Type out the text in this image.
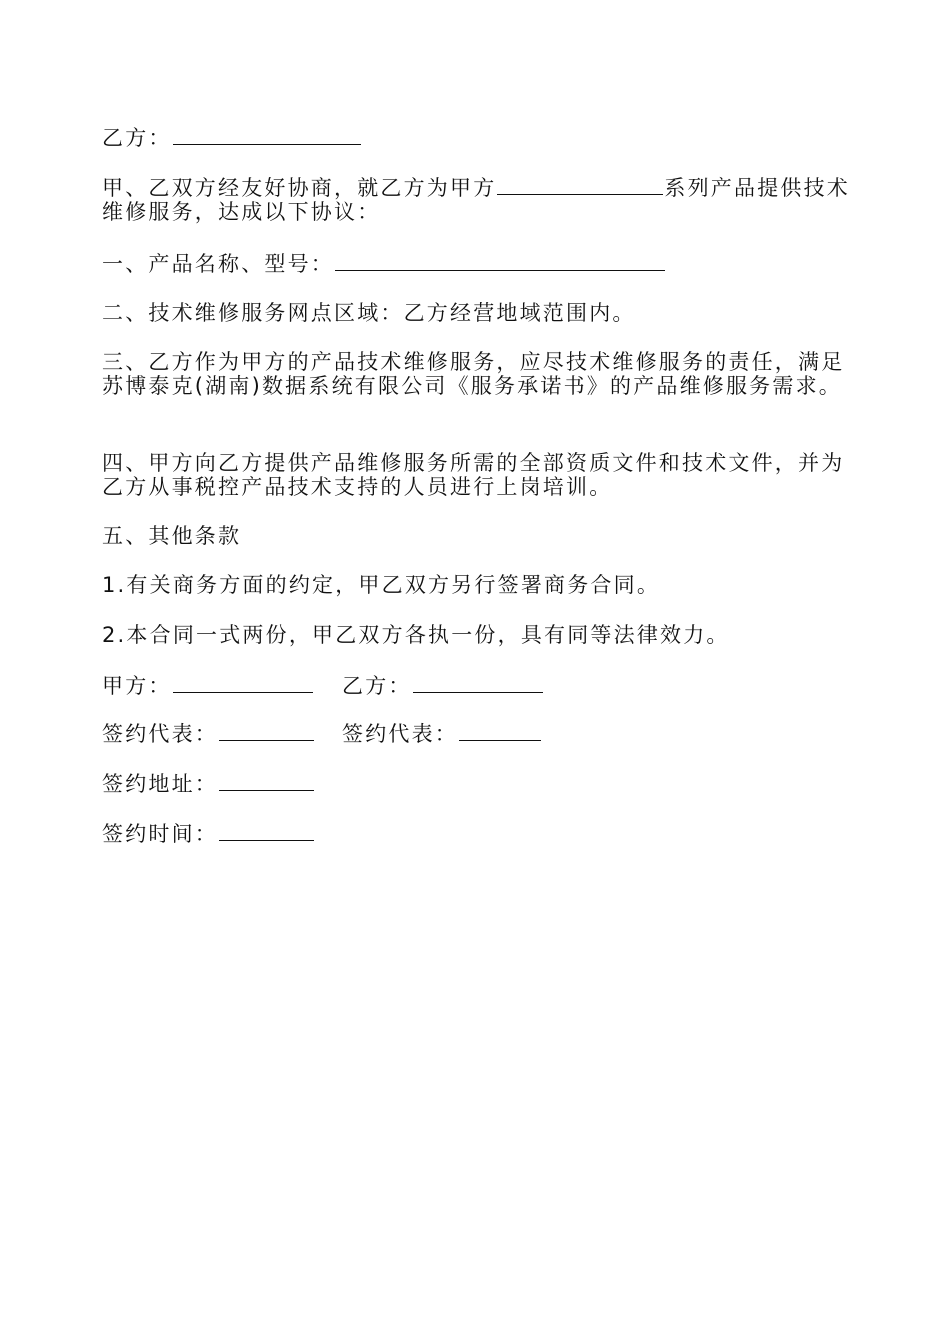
乙方：
甲、乙双方经友好协商，就乙方为甲方	系列产品提供技术维修服务，达成以下协议：
一、产品名称、型号：
二、技术维修服务网点区域：乙方经营地域范围内。
三、乙方作为甲方的产品技术维修服务，应尽技术维修服务的责任，满足苏博泰克(湖南)数据系统有限公司《服务承诺书》的产品维修服务需求。
四、甲方向乙方提供产品维修服务所需的全部资质文件和技术文件，并为乙方从事税控产品技术支持的人员进行上岗培训。
五、其他条款
1.有关商务方面的约定，甲乙双方另行签署商务合同。
2.本合同一式两份，甲乙双方各执一份，具有同等法律效力。
甲方：	乙方：
签约代表：	签约代表：
签约地址：
签约时间：
